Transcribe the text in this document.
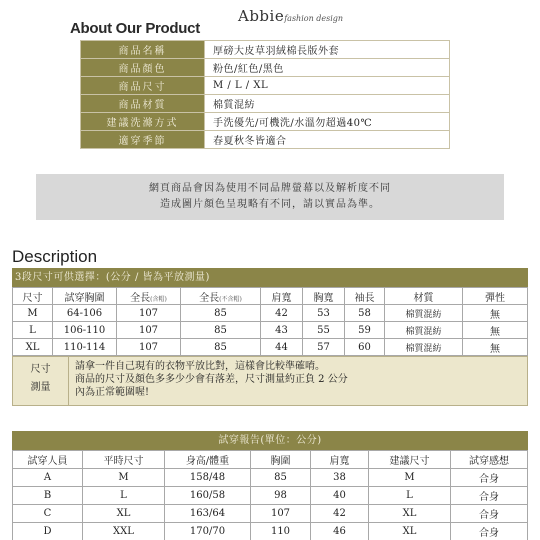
Abbiefashion design
About Our Product
商品名稱	厚磅大皮草羽絨棉長版外套
商品顏色	粉色/紅色/黑色
商品尺寸	M / L / XL
商品材質	棉質混紡
建議洗滌方式	手洗優先/可機洗/水溫勿超過40℃
適穿季節	春夏秋冬皆適合
網頁商品會因為使用不同品牌螢幕以及解析度不同
造成圖片顏色呈現略有不同，請以實品為準。
Description
3段尺寸可供選擇：(公分 / 皆為平放測量)
尺寸	試穿胸圍	全長(含帽)	全長(不含帽)	肩寬	胸寬	袖長	材質	彈性
M	64-106	107	85	42	53	58	棉質混紡	無
L	106-110	107	85	43	55	59	棉質混紡	無
XL	110-114	107	85	44	57	60	棉質混紡	無
尺寸
測量
請拿一件自己現有的衣物平放比對，這樣會比較準確唷。
商品的尺寸及顏色多多少少會有落差，尺寸測量約正負 2 公分
內為正常範圍喔!
試穿報告(單位：公分)
試穿人員	平時尺寸	身高/體重	胸圍	肩寬	建議尺寸	試穿感想
A	M	158/48	85	38	M	合身
B	L	160/58	98	40	L	合身
C	XL	163/64	107	42	XL	合身
D	XXL	170/70	110	46	XL	合身
